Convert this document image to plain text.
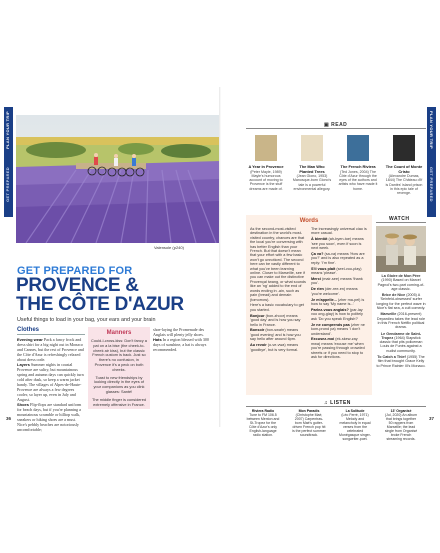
PLAN YOUR TRIP
GET PREPARED
Valensole (p240)
GET PREPARED FOR
PROVENCE &
THE CÔTE D'AZUR
Useful things to load in your bag, your ears and your brain
Clothes
Evening wear Pack a fancy frock and dress shirt for a big night out in Monaco and Cannes, but the rest of Provence and the Côte d'Azur is refreshingly relaxed about dress code.
Layers Summer nights in coastal Provence are sultry, but mountainous spring and autumn days can quickly turn cold after dusk, so keep a warm jacket handy. The villages of Alpes-de-Haute-Provence are always a few degrees cooler, so layer up, even in July and August.
Shoes Flip-flops are standard uniform for beach days, but if you're planning a mountainous scramble or hilltop walk, sneakers or hiking shoes are a must. Nice's pebbly beaches are notoriously uncomfortable;
Manners

Could-I-cross-kiss: Don't fancy a pat on a la bise (the cheek-to-cheek air kiss), but the classic French custom is back. Just so there's no confusion, in Provence it's a peck on both cheeks.

Toast to new friendships by looking directly in the eyes of your companions as you clink glasses: Santé!

The middle finger is considered extremely offensive in France.

shoe-laying the Promenade des Anglais will plenty jelly shoes.
Hats In a region blessed with 300 days of sunshine, a hat is always recommended.
36
PLAN YOUR TRIP
GET PREPARED
▣ READ
A Year in Provence
(Peter Mayle, 1989) Mayle's humorous account of moving to Provence is the stuff dreams are made of.
The Man Who Planted Trees
(Jean Giono, 1953) Manosque-born Giono's tale is a powerful environmental allegory.
The French Riviera
(Ted Jones, 2004) The Côte d'Azur through the eyes of the authors and artists who have made it home.
The Count of Monte Cristo
(Alexandre Dumas, 1844) The Château d'If is Dantès' island prison in this epic tale of revenge.
Words

As the second-most-visited destination in the world's most-visited country, chances are that the local you're conversing with has better English than your French. But that doesn't mean that your effort with a few basic won't go unnoticed. The second here can be vastly different to what you've been learning online. Closer to Marseille, see if you can make out the distinctive Provençal twang, or what sounds like an 'ng' added to the end of words ending in -ain, such as pain (bread) and demain (tomorrow).

Here's a basic vocabulary to get you started.

Bonjour (bon-zhoor) means 'good day' and is how you say hello in France.

Bonsoir (bon-swahr) means 'good evening' and is how you say hello after around 6pm.

Au revoir (o-ve-vwa) means 'goodbye', but is very formal.

The increasingly universal ciao is more casual.

À bientôt (ah-byen-toe) means 'see you soon', even if soon is next week.

Ça va? (sa-va) means 'How are you?' and is also repeated as a reply: 'I'm fine'.

S'il vous plaît (seel-voo-play) means 'please'.

Merci (mair-see) means 'thank you'.

De rien (der-ree-en) means 'you're welcome'.

Je m'appelle... (zher ma-pel) is how to say 'My name is...'

Parlez-vous anglais? (par-lay voo ong-glay) is how to politely ask 'Do you speak English?'

Je ne comprends pas (zher ne kom-prond pa) means 'I don't understand'.

Excusez-moi (ek-skew-zay mwa) means 'excuse me' when you're passing through crowded streets or if you need to stop to ask for directions.

WATCH

La Gloire de Mon Père (1990) Based on Marcel Pagnol's two-part coming-of-age classic.

Brice de Nice (2005) A 'Seinfeld-obsessed' surfer longing for the perfect wave in Nice's flat sea, a cult comedy.

Marseille (2016-present) Depardieu takes the lead role in this French Netflix political drama.

Le Gendarme de Saint-Tropez (1964) Slapstick classic that pits policeman Louis de Funès against a nudist community.

To Catch a Thief (1955) The film that brought Grace Kelly to Prince Rainier III's Monaco.

♫ LISTEN
Riviera Radio
Tune to FM 106.5 between Menton and St-Tropez for the Côte d'Azur's only English-language radio station.
Mon Paradis
(Christophe Maé, 2007) Carpentras-born Maé's gutter-driven French pop hit is the perfect summer soundtrack.
La Solitude
(Léo Ferré, 1971) Melody and melancholy in equal verses from the celebrated Monégasque singer-songwriter-poet.
13' Organisé
(Jul, 2020) An album that brings together 50 rappers from Marseille; the lead single from Organisé broke French streaming records.
37
